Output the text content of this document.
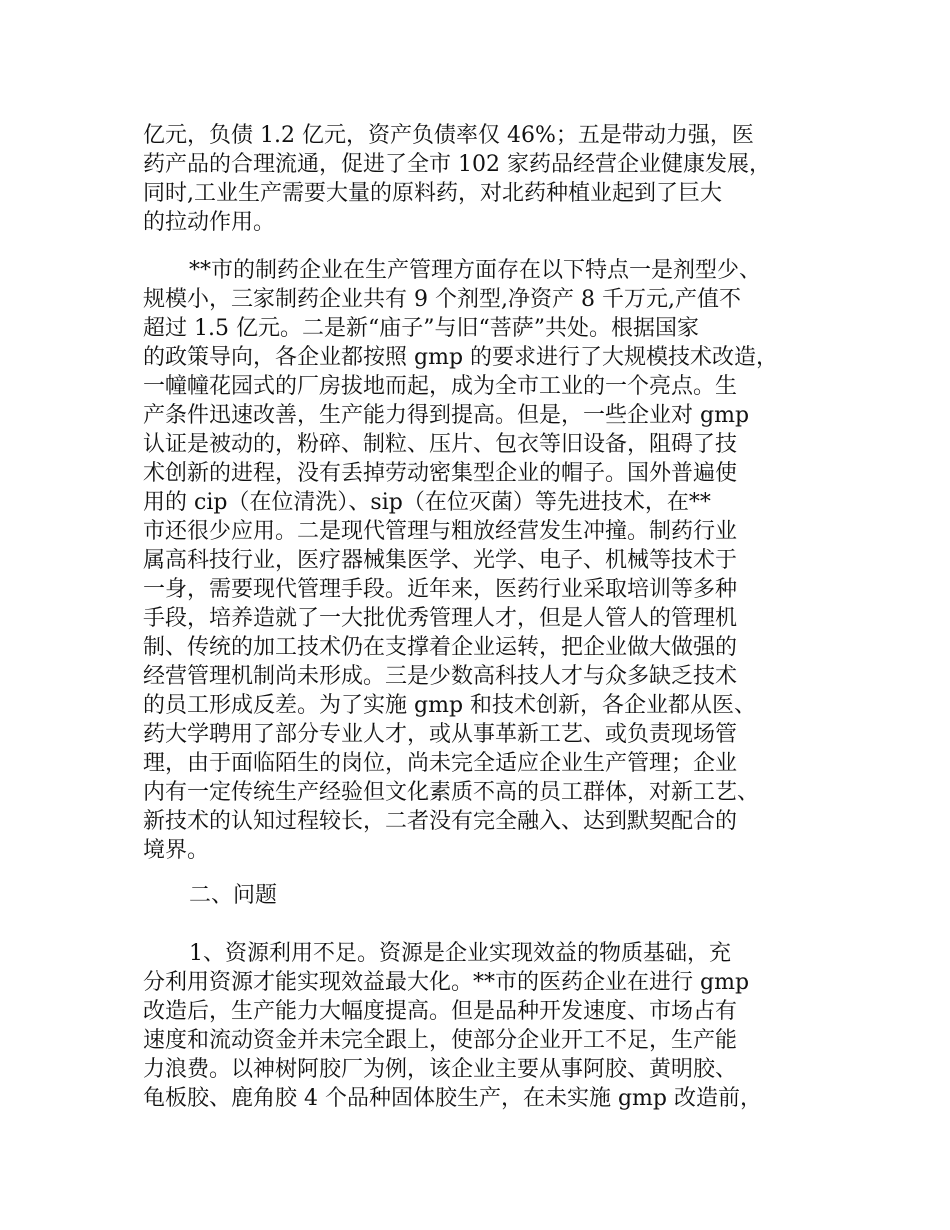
亿元，负债 1.2 亿元，资产负债率仅 46%；五是带动力强，医
药产品的合理流通，促进了全市 102 家药品经营企业健康发展，
同时,工业生产需要大量的原料药，对北药种植业起到了巨大
的拉动作用。
**市的制药企业在生产管理方面存在以下特点一是剂型少、
规模小，三家制药企业共有 9 个剂型,净资产 8 千万元,产值不
超过 1.5 亿元。二是新“庙子”与旧“菩萨”共处。根据国家
的政策导向，各企业都按照 gmp 的要求进行了大规模技术改造，
一幢幢花园式的厂房拔地而起，成为全市工业的一个亮点。生
产条件迅速改善，生产能力得到提高。但是，一些企业对 gmp
认证是被动的，粉碎、制粒、压片、包衣等旧设备，阻碍了技
术创新的进程，没有丢掉劳动密集型企业的帽子。国外普遍使
用的 cip（在位清洗）、sip（在位灭菌）等先进技术，在**
市还很少应用。二是现代管理与粗放经营发生冲撞。制药行业
属高科技行业，医疗器械集医学、光学、电子、机械等技术于
一身，需要现代管理手段。近年来，医药行业采取培训等多种
手段，培养造就了一大批优秀管理人才，但是人管人的管理机
制、传统的加工技术仍在支撑着企业运转，把企业做大做强的
经营管理机制尚未形成。三是少数高科技人才与众多缺乏技术
的员工形成反差。为了实施 gmp 和技术创新，各企业都从医、
药大学聘用了部分专业人才，或从事革新工艺、或负责现场管
理，由于面临陌生的岗位，尚未完全适应企业生产管理；企业
内有一定传统生产经验但文化素质不高的员工群体，对新工艺、
新技术的认知过程较长，二者没有完全融入、达到默契配合的
境界。
二、问题
1、资源利用不足。资源是企业实现效益的物质基础，充
分利用资源才能实现效益最大化。**市的医药企业在进行 gmp
改造后，生产能力大幅度提高。但是品种开发速度、市场占有
速度和流动资金并未完全跟上，使部分企业开工不足，生产能
力浪费。以神树阿胶厂为例，该企业主要从事阿胶、黄明胶、
龟板胶、鹿角胶 4 个品种固体胶生产，在未实施 gmp 改造前，
